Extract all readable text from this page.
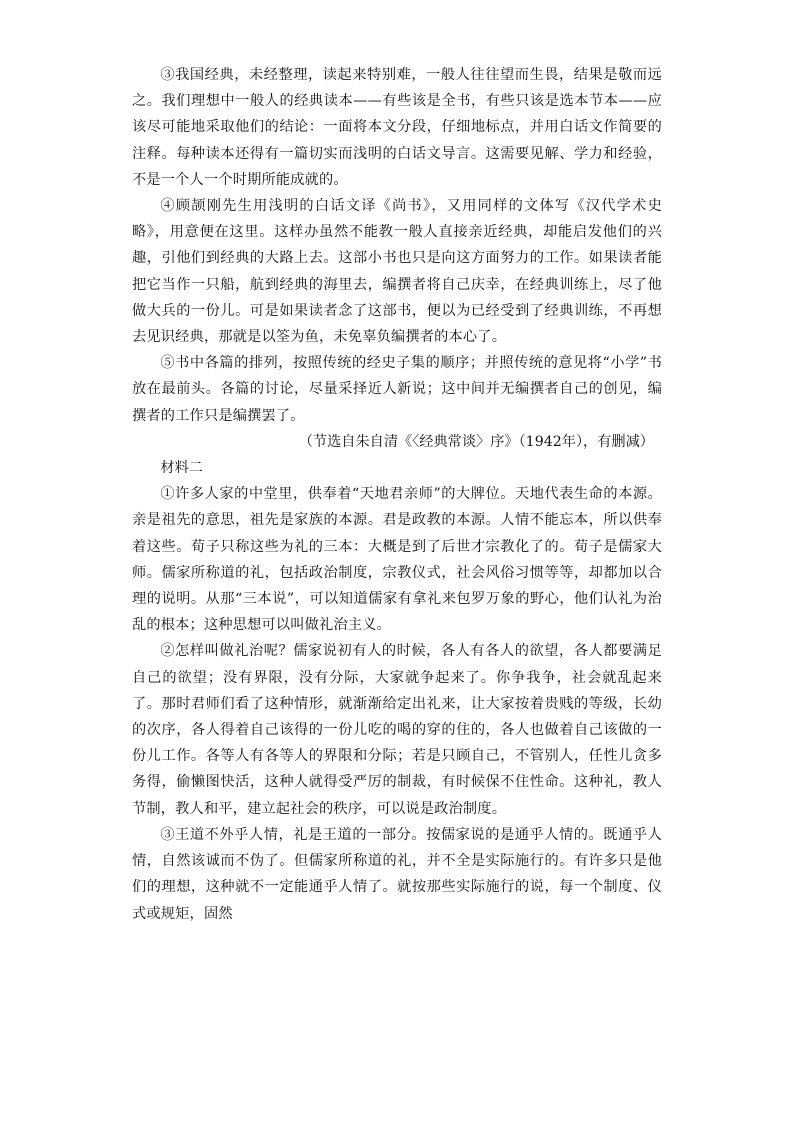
③我国经典，未经整理，读起来特别难，一般人往往望而生畏，结果是敬而远之。我们理想中一般人的经典读本——有些该是全书，有些只该是选本节本——应该尽可能地采取他们的结论：一面将本文分段，仔细地标点，并用白话文作简要的注释。每种读本还得有一篇切实而浅明的白话文导言。这需要见解、学力和经验，不是一个人一个时期所能成就的。

④顾颉刚先生用浅明的白话文译《尚书》，又用同样的文体写《汉代学术史略》，用意便在这里。这样办虽然不能教一般人直接亲近经典，却能启发他们的兴趣，引他们到经典的大路上去。这部小书也只是向这方面努力的工作。如果读者能把它当作一只船，航到经典的海里去，编撰者将自己庆幸，在经典训练上，尽了他做大兵的一份儿。可是如果读者念了这部书，便以为已经受到了经典训练，不再想去见识经典，那就是以筌为鱼，未免辜负编撰者的本心了。

⑤书中各篇的排列，按照传统的经史子集的顺序；并照传统的意见将“小学”书放在最前头。各篇的讨论，尽量采择近人新说；这中间并无编撰者自己的创见，编撰者的工作只是编撰罢了。

（节选自朱自清《〈经典常谈〉序》（1942年），有删减）

材料二

①许多人家的中堂里，供奉着“天地君亲师”的大牌位。天地代表生命的本源。亲是祖先的意思，祖先是家族的本源。君是政教的本源。人情不能忘本，所以供奉着这些。荀子只称这些为礼的三本：大概是到了后世才宗教化了的。荀子是儒家大师。儒家所称道的礼，包括政治制度，宗教仪式，社会风俗习惯等等，却都加以合理的说明。从那“三本说”，可以知道儒家有拿礼来包罗万象的野心，他们认礼为治乱的根本；这种思想可以叫做礼治主义。

②怎样叫做礼治呢？儒家说初有人的时候，各人有各人的欲望，各人都要满足自己的欲望；没有界限，没有分际，大家就争起来了。你争我争，社会就乱起来了。那时君师们看了这种情形，就渐渐给定出礼来，让大家按着贵贱的等级，长幼的次序，各人得着自己该得的一份儿吃的喝的穿的住的，各人也做着自己该做的一份儿工作。各等人有各等人的界限和分际；若是只顾自己，不管别人，任性儿贪多务得，偷懒图快活，这种人就得受严厉的制裁，有时候保不住性命。这种礼，教人节制，教人和平，建立起社会的秩序，可以说是政治制度。

③王道不外乎人情，礼是王道的一部分。按儒家说的是通乎人情的。既通乎人情，自然该诚而不伪了。但儒家所称道的礼，并不全是实际施行的。有许多只是他们的理想，这种就不一定能通乎人情了。就按那些实际施行的说，每一个制度、仪式或规矩，固然
